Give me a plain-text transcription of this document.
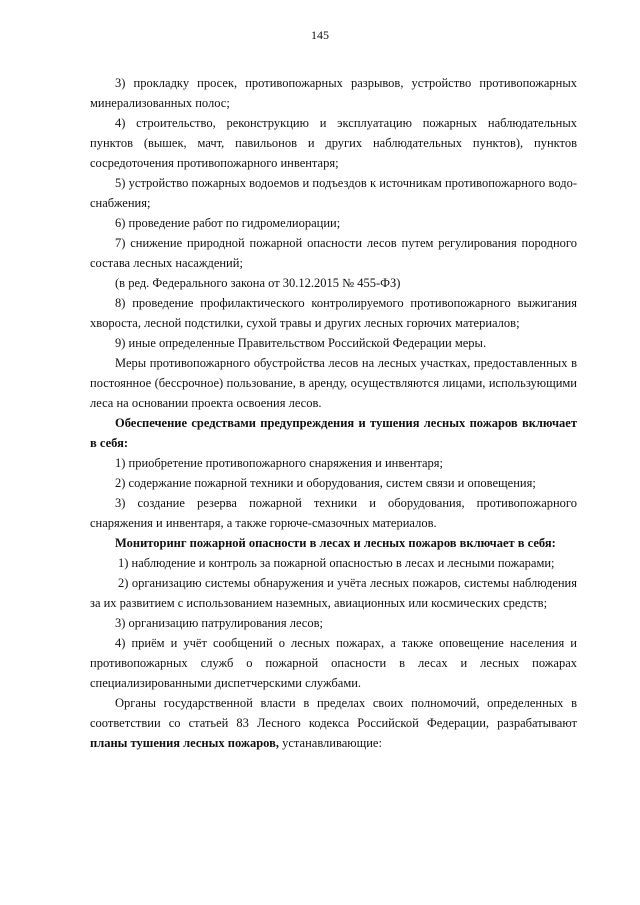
145

3) прокладку просек, противопожарных разрывов, устройство противопожарных минерализованных полос;

4) строительство, реконструкцию и эксплуатацию пожарных наблюдательных пунктов (вышек, мачт, павильонов и других наблюдательных пунктов), пунктов сосредоточения противопожарного инвентаря;

5) устройство пожарных водоемов и подъездов к источникам противопожарного водоснабжения;

6) проведение работ по гидромелиорации;

7) снижение природной пожарной опасности лесов путем регулирования породного состава лесных насаждений;

(в ред. Федерального закона от 30.12.2015 № 455-ФЗ)

8) проведение профилактического контролируемого противопожарного выжигания хвороста, лесной подстилки, сухой травы и других лесных горючих материалов;

9) иные определенные Правительством Российской Федерации меры.

Меры противопожарного обустройства лесов на лесных участках, предоставленных в постоянное (бессрочное) пользование, в аренду, осуществляются лицами, использующими леса на основании проекта освоения лесов.

Обеспечение средствами предупреждения и тушения лесных пожаров включает в себя:

1) приобретение противопожарного снаряжения и инвентаря;

2) содержание пожарной техники и оборудования, систем связи и оповещения;

3) создание резерва пожарной техники и оборудования, противопожарного снаряжения и инвентаря, а также горюче-смазочных материалов.

Мониторинг пожарной опасности в лесах и лесных пожаров включает в себя:

1) наблюдение и контроль за пожарной опасностью в лесах и лесными пожарами;

2) организацию системы обнаружения и учёта лесных пожаров, системы наблюдения за их развитием с использованием наземных, авиационных или космических средств;

3) организацию патрулирования лесов;

4) приём и учёт сообщений о лесных пожарах, а также оповещение населения и противопожарных служб о пожарной опасности в лесах и лесных пожарах специализированными диспетчерскими службами.

Органы государственной власти в пределах своих полномочий, определенных в соответствии со статьей 83 Лесного кодекса Российской Федерации, разрабатывают планы тушения лесных пожаров, устанавливающие:
